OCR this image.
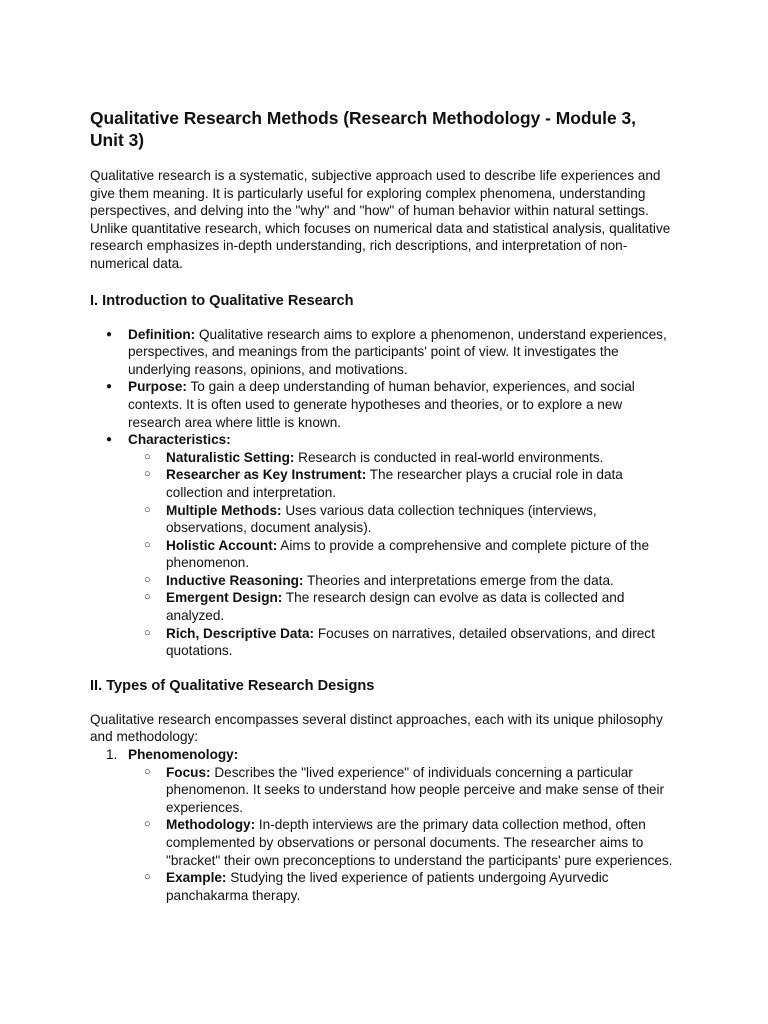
Qualitative Research Methods (Research Methodology - Module 3, Unit 3)

Qualitative research is a systematic, subjective approach used to describe life experiences and give them meaning. It is particularly useful for exploring complex phenomena, understanding perspectives, and delving into the "why" and "how" of human behavior within natural settings. Unlike quantitative research, which focuses on numerical data and statistical analysis, qualitative research emphasizes in-depth understanding, rich descriptions, and interpretation of non-numerical data.

I. Introduction to Qualitative Research
● Definition: Qualitative research aims to explore a phenomenon, understand experiences, perspectives, and meanings from the participants' point of view. It investigates the underlying reasons, opinions, and motivations.
● Purpose: To gain a deep understanding of human behavior, experiences, and social contexts. It is often used to generate hypotheses and theories, or to explore a new research area where little is known.
● Characteristics:
○ Naturalistic Setting: Research is conducted in real-world environments.
○ Researcher as Key Instrument: The researcher plays a crucial role in data collection and interpretation.
○ Multiple Methods: Uses various data collection techniques (interviews, observations, document analysis).
○ Holistic Account: Aims to provide a comprehensive and complete picture of the phenomenon.
○ Inductive Reasoning: Theories and interpretations emerge from the data.
○ Emergent Design: The research design can evolve as data is collected and analyzed.
○ Rich, Descriptive Data: Focuses on narratives, detailed observations, and direct quotations.
II. Types of Qualitative Research Designs

Qualitative research encompasses several distinct approaches, each with its unique philosophy and methodology:

1. Phenomenology:
○ Focus: Describes the "lived experience" of individuals concerning a particular phenomenon. It seeks to understand how people perceive and make sense of their experiences.
○ Methodology: In-depth interviews are the primary data collection method, often complemented by observations or personal documents. The researcher aims to "bracket" their own preconceptions to understand the participants' pure experiences.
○ Example: Studying the lived experience of patients undergoing Ayurvedic panchakarma therapy.
